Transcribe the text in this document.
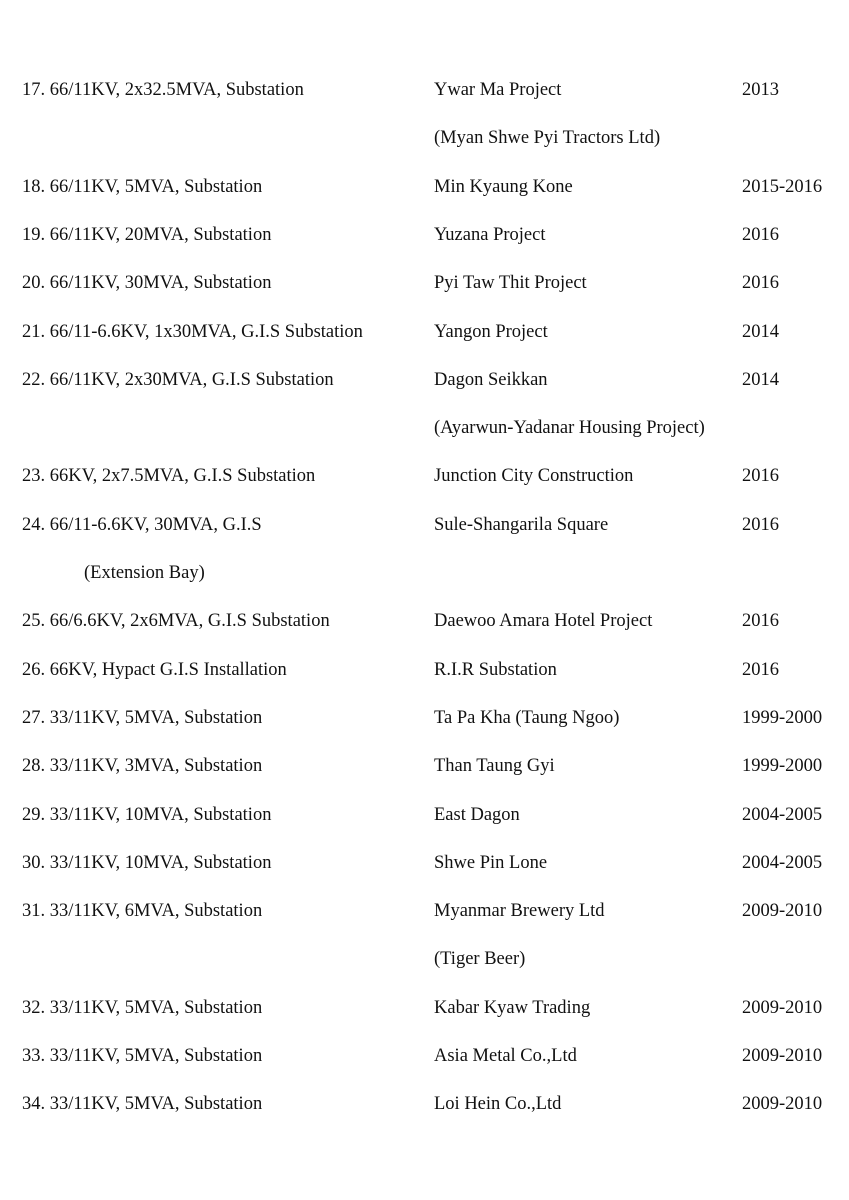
17. 66/11KV, 2x32.5MVA, Substation	Ywar Ma Project	2013
(Myan Shwe Pyi Tractors Ltd)
18. 66/11KV, 5MVA, Substation	Min Kyaung Kone	2015-2016
19. 66/11KV, 20MVA, Substation	Yuzana Project	2016
20. 66/11KV, 30MVA, Substation	Pyi Taw Thit Project	2016
21. 66/11-6.6KV, 1x30MVA, G.I.S Substation	Yangon Project	2014
22. 66/11KV, 2x30MVA, G.I.S Substation	Dagon Seikkan	2014
(Ayarwun-Yadanar Housing Project)
23. 66KV, 2x7.5MVA, G.I.S Substation	Junction City Construction	2016
24. 66/11-6.6KV, 30MVA, G.I.S	Sule-Shangarila Square	2016
(Extension Bay)
25. 66/6.6KV, 2x6MVA, G.I.S Substation	Daewoo Amara Hotel Project	2016
26. 66KV, Hypact G.I.S Installation	R.I.R Substation	2016
27. 33/11KV, 5MVA, Substation	Ta Pa Kha (Taung Ngoo)	1999-2000
28. 33/11KV, 3MVA, Substation	Than Taung Gyi	1999-2000
29. 33/11KV, 10MVA, Substation	East Dagon	2004-2005
30. 33/11KV, 10MVA, Substation	Shwe Pin Lone	2004-2005
31. 33/11KV, 6MVA, Substation	Myanmar Brewery Ltd	2009-2010
(Tiger Beer)
32. 33/11KV, 5MVA, Substation	Kabar Kyaw Trading	2009-2010
33. 33/11KV, 5MVA, Substation	Asia Metal Co.,Ltd	2009-2010
34. 33/11KV, 5MVA, Substation	Loi Hein Co.,Ltd	2009-2010
